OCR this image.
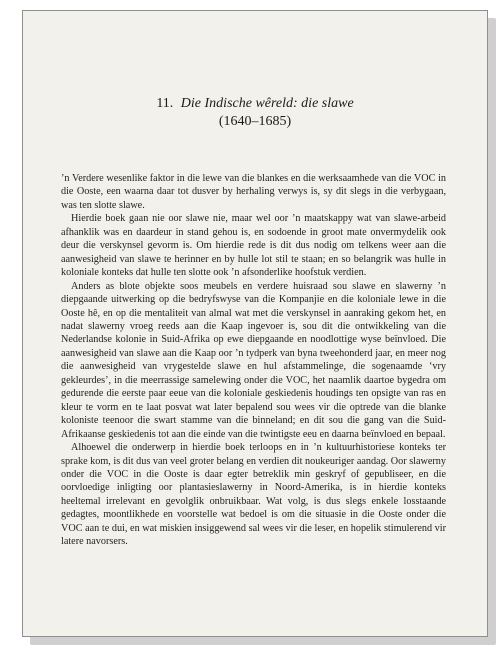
11. Die Indische wêreld: die slawe
(1640–1685)

’n Verdere wesenlike faktor in die lewe van die blankes en die werksaamhede van die VOC in die Ooste, een waarna daar tot dusver by herhaling verwys is, sy dit slegs in die verbygaan, was ten slotte slawe.

Hierdie boek gaan nie oor slawe nie, maar wel oor ’n maatskappy wat van slawe-arbeid afhanklik was en daardeur in stand gehou is, en sodoende in groot mate onvermydelik ook deur die verskynsel gevorm is. Om hierdie rede is dit dus nodig om telkens weer aan die aanwesigheid van slawe te herinner en by hulle lot stil te staan; en so belangrik was hulle in koloniale konteks dat hulle ten slotte ook ’n afsonderlike hoofstuk verdien.

Anders as blote objekte soos meubels en verdere huisraad sou slawe en slawerny ’n diepgaande uitwerking op die bedryfswyse van die Kompanjie en die koloniale lewe in die Ooste hê, en op die mentaliteit van almal wat met die verskynsel in aanraking gekom het, en nadat slawerny vroeg reeds aan die Kaap ingevoer is, sou dit die ontwikkeling van die Nederlandse kolonie in Suid-Afrika op ewe diepgaande en noodlottige wyse beïnvloed. Die aanwesigheid van slawe aan die Kaap oor ’n tydperk van byna tweehonderd jaar, en meer nog die aanwesigheid van vrygestelde slawe en hul afstammelinge, die sogenaamde ‘vry gekleurdes’, in die meerrassige samelewing onder die VOC, het naamlik daartoe bygedra om gedurende die eerste paar eeue van die koloniale geskiedenis houdings ten opsigte van ras en kleur te vorm en te laat posvat wat later bepalend sou wees vir die optrede van die blanke koloniste teenoor die swart stamme van die binneland; en dit sou die gang van die Suid-Afrikaanse geskiedenis tot aan die einde van die twintigste eeu en daarna beïnvloed en bepaal.

Alhoewel die onderwerp in hierdie boek terloops en in ’n kultuurhistoriese konteks ter sprake kom, is dit dus van veel groter belang en verdien dit noukeuriger aandag. Oor slawerny onder die VOC in die Ooste is daar egter betreklik min geskryf of gepubliseer, en die oorvloedige inligting oor plantasieslawerny in Noord-Amerika, is in hierdie konteks heeltemal irrelevant en gevolglik onbruikbaar. Wat volg, is dus slegs enkele losstaande gedagtes, moontlikhede en voorstelle wat bedoel is om die situasie in die Ooste onder die VOC aan te dui, en wat miskien insiggewend sal wees vir die leser, en hopelik stimulerend vir latere navorsers.
